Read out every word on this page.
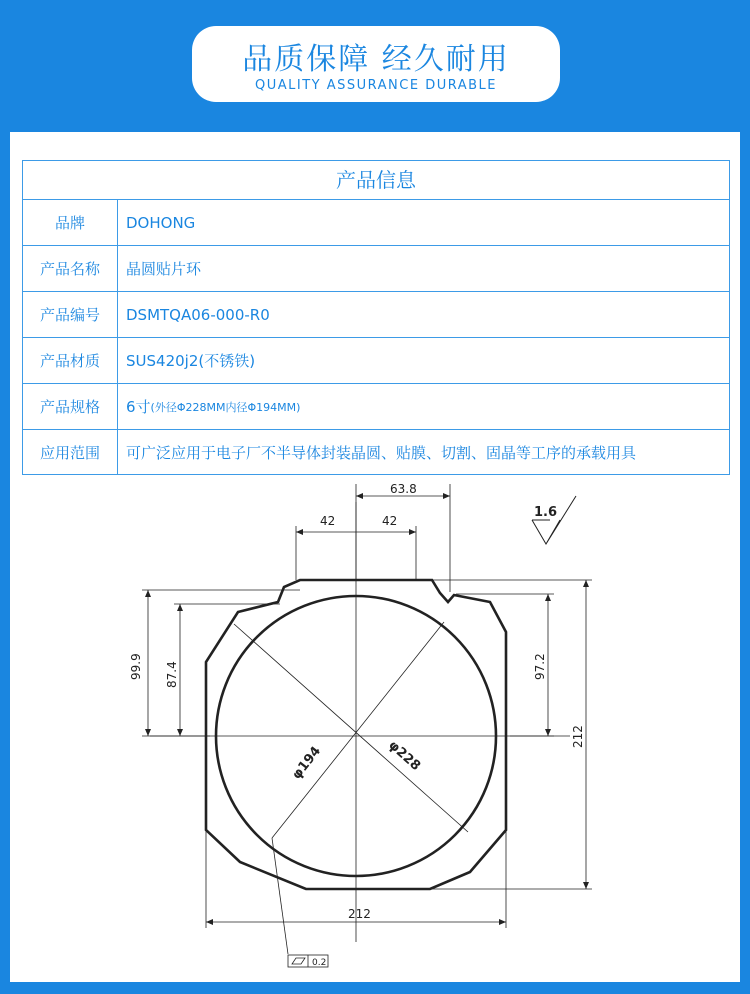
品质保障 经久耐用
QUALITY ASSURANCE DURABLE
产品信息
品牌	DOHONG
产品名称	晶圆贴片环
产品编号	DSMTQA06-000-R0
产品材质	SUS420j2(不锈铁)
产品规格	6寸 (外径Φ228MM内径Φ194MM)
应用范围	可广泛应用于电子厂不半导体封装晶圆、贴膜、切割、固晶等工序的承载用具
63.8
42	42
1.6
99.9 87.4	97.2
212
212
φ194	φ228
0.2
